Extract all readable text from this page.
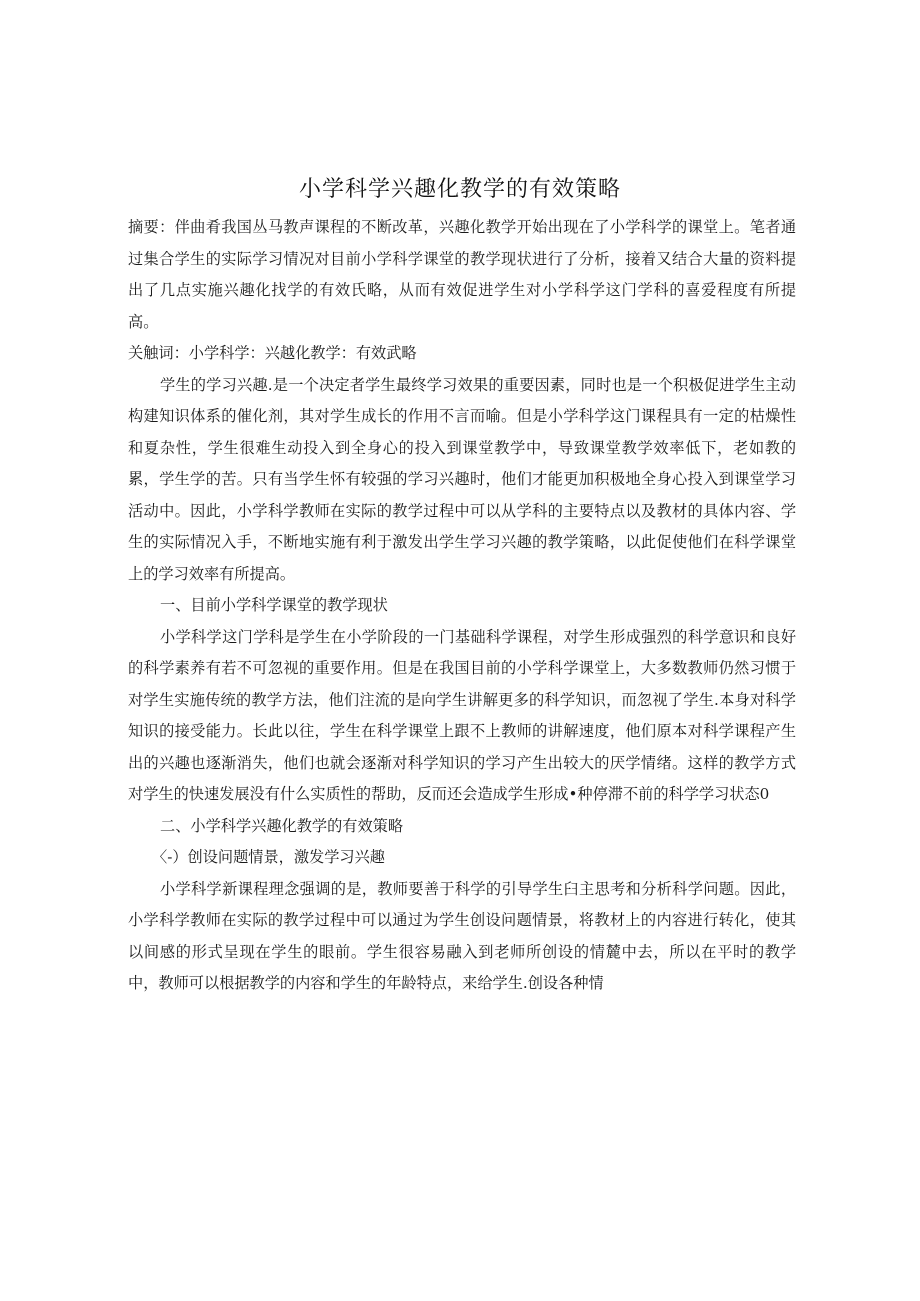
小学科学兴趣化教学的有效策略

摘要：伴曲肴我国丛马教声课程的不断改革，兴趣化教学开始出现在了小学科学的课堂上。笔者通过集合学生的实际学习情况对目前小学科学课堂的教学现状进行了分析，接着又结合大量的资料提出了几点实施兴趣化找学的有效氏略，从而有效促进学生对小学科学这门学科的喜爱程度有所提高。

关触词：小学科学：兴越化教学：有效武略

学生的学习兴趣.是一个决定者学生最终学习效果的重要因素，同时也是一个积极促进学生主动构建知识体系的催化剂，其对学生成长的作用不言而喻。但是小学科学这门课程具有一定的枯燥性和夏杂性，学生很难生动投入到全身心的投入到课堂教学中，导致课堂教学效率低下，老如教的累，学生学的苦。只有当学生怀有较强的学习兴趣时，他们才能更加积极地全身心投入到课堂学习活动中。因此，小学科学教师在实际的教学过程中可以从学科的主要特点以及教材的具体内容、学生的实际情况入手，不断地实施有利于激发出学生学习兴趣的教学策略，以此促使他们在科学课堂上的学习效率有所提高。

一、目前小学科学课堂的教学现状

小学科学这门学科是学生在小学阶段的一门基础科学课程，对学生形成强烈的科学意识和良好的科学素养有若不可忽视的重要作用。但是在我国目前的小学科学课堂上，大多数教师仍然习惯于对学生实施传统的教学方法，他们注流的是向学生讲解更多的科学知识，而忽视了学生.本身对科学知识的接受能力。长此以往，学生在科学课堂上跟不上教师的讲解速度，他们原本对科学课程产生出的兴趣也逐渐消失，他们也就会逐渐对科学知识的学习产生出较大的厌学情绪。这样的教学方式对学生的快速发展没有什么实质性的帮助，反而还会造成学生形成•种停滞不前的科学学习状态0

二、小学科学兴趣化教学的有效策略

〈-）创设问题情景，激发学习兴趣

小学科学新课程理念强调的是，教师要善于科学的引导学生臼主思考和分析科学问题。因此，小学科学教师在实际的教学过程中可以通过为学生创设问题情景，将教材上的内容进行转化，使其以间感的形式呈现在学生的眼前。学生很容易融入到老师所创设的情麓中去，所以在平时的教学中，教师可以根据教学的内容和学生的年龄特点，来给学生.创设各种情
